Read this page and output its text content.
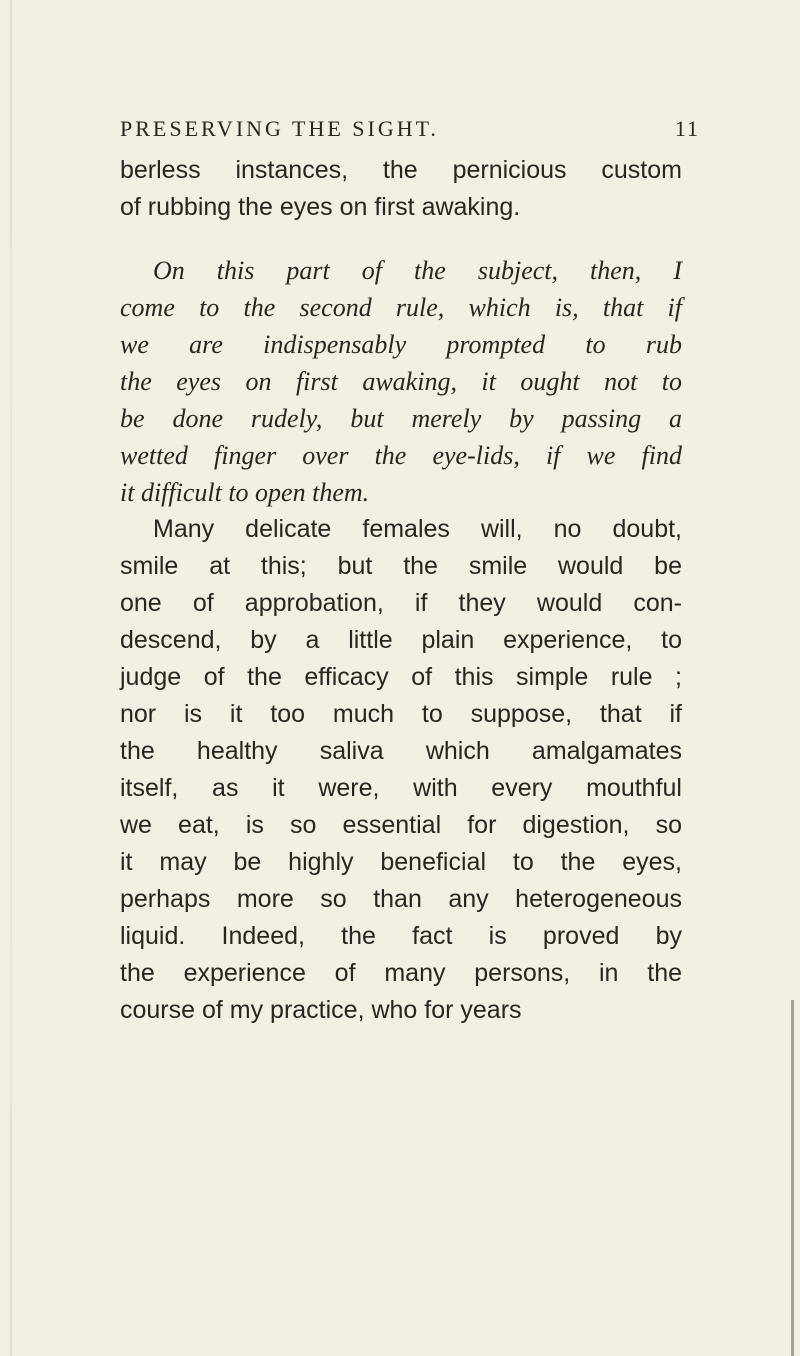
PRESERVING THE SIGHT.	11
berless instances, the pernicious custom
of rubbing the eyes on first awaking.
On this part of the subject, then, I
come to the second rule, which is, that if
we are indispensably prompted to rub
the eyes on first awaking, it ought not to
be done rudely, but merely by passing a
wetted finger over the eye-lids, if we find
it difficult to open them.
Many delicate females will, no doubt,
smile at this; but the smile would be
one of approbation, if they would con-
descend, by a little plain experience, to
judge of the efficacy of this simple rule ;
nor is it too much to suppose, that if
the healthy saliva which amalgamates
itself, as it were, with every mouthful
we eat, is so essential for digestion, so
it may be highly beneficial to the eyes,
perhaps more so than any heterogeneous
liquid. Indeed, the fact is proved by
the experience of many persons, in the
course of my practice, who for years
